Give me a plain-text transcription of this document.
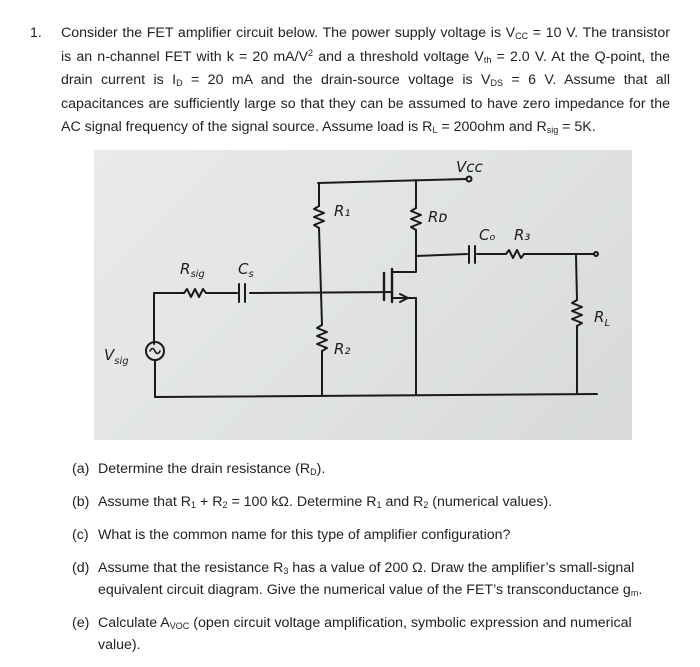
1. Consider the FET amplifier circuit below. The power supply voltage is $V_{CC} = 10$ V. The transistor is an n-channel FET with k = 20 $mA/V^2$ and a threshold voltage $V_{th} = 2.0$ V. At the Q-point, the drain current is $I_D = 20$ mA and the drain-source voltage is $V_{DS} = 6$ V. Assume that all capacitances are sufficiently large so that they can be assumed to have zero impedance for the AC signal frequency of the signal source. Assume load is $R_L = 200ohm$ and $R_{sig} = 5K$.
Vcc
R₁	Rᴅ
Cₒ R₃
$R_{sig}$ $C_s$
$V_{sig}$
R₂
$R_L$
(a) Determine the drain resistance $(R_D)$.
(b) Assume that $R_1 + R_2 = 100$ kΩ. Determine $R_1$ and $R_2$ (numerical values).
(c) What is the common name for this type of amplifier configuration?
(d) Assume that the resistance $R_3$ has a value of 200 Ω. Draw the amplifier’s small-signal equivalent circuit diagram. Give the numerical value of the FET’s transconductance $g_m$.
(e) Calculate $A_{VOC}$ (open circuit voltage amplification, symbolic expression and numerical value).
